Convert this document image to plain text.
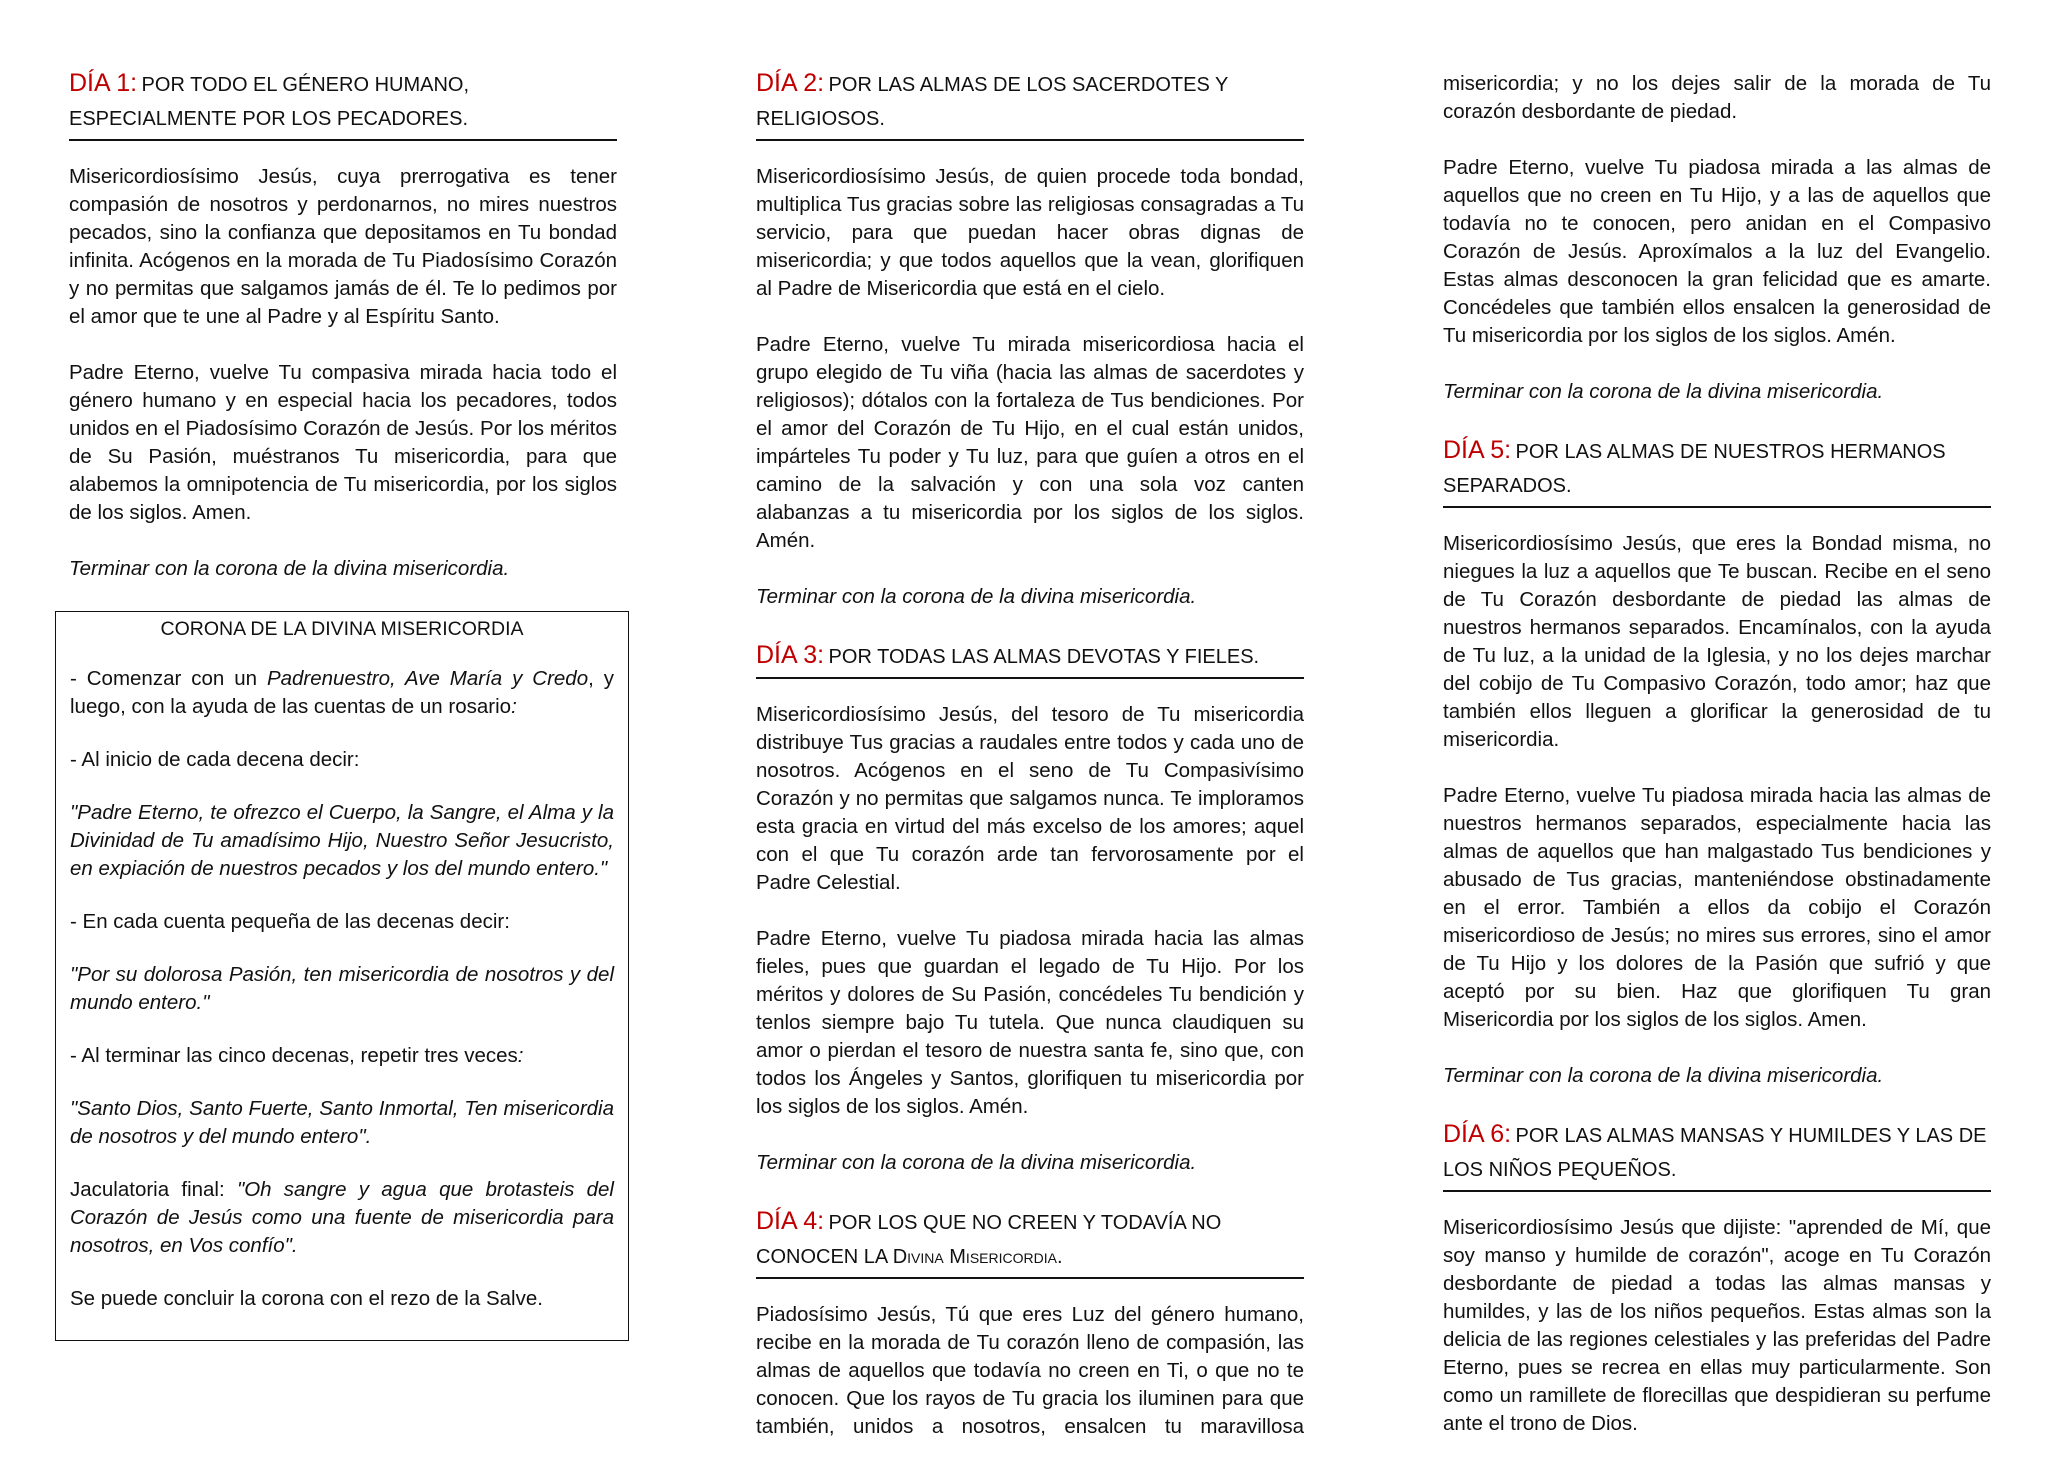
DÍA 1: POR TODO EL GÉNERO HUMANO, ESPECIALMENTE POR LOS PECADORES.

Misericordiosísimo Jesús, cuya prerrogativa es tener compasión de nosotros y perdonarnos, no mires nuestros pecados, sino la confianza que depositamos en Tu bondad infinita. Acógenos en la morada de Tu Piadosísimo Corazón y no permitas que salgamos jamás de él. Te lo pedimos por el amor que te une al Padre y al Espíritu Santo.

Padre Eterno, vuelve Tu compasiva mirada hacia todo el género humano y en especial hacia los pecadores, todos unidos en el Piadosísimo Corazón de Jesús. Por los méritos de Su Pasión, muéstranos Tu misericordia, para que alabemos la omnipotencia de Tu misericordia, por los siglos de los siglos. Amen.

Terminar con la corona de la divina misericordia.

CORONA DE LA DIVINA MISERICORDIA

- Comenzar con un Padrenuestro, Ave María y Credo, y luego, con la ayuda de las cuentas de un rosario:

- Al inicio de cada decena decir:

"Padre Eterno, te ofrezco el Cuerpo, la Sangre, el Alma y la Divinidad de Tu amadísimo Hijo, Nuestro Señor Jesucristo, en expiación de nuestros pecados y los del mundo entero."

- En cada cuenta pequeña de las decenas decir:

"Por su dolorosa Pasión, ten misericordia de nosotros y del mundo entero."

- Al terminar las cinco decenas, repetir tres veces:

"Santo Dios, Santo Fuerte, Santo Inmortal, Ten misericordia de nosotros y del mundo entero".

Jaculatoria final: "Oh sangre y agua que brotasteis del Corazón de Jesús como una fuente de misericordia para nosotros, en Vos confío".

Se puede concluir la corona con el rezo de la Salve.

DÍA 2: POR LAS ALMAS DE LOS SACERDOTES Y RELIGIOSOS.

Misericordiosísimo Jesús, de quien procede toda bondad, multiplica Tus gracias sobre las religiosas consagradas a Tu servicio, para que puedan hacer obras dignas de misericordia; y que todos aquellos que la vean, glorifiquen al Padre de Misericordia que está en el cielo.

Padre Eterno, vuelve Tu mirada misericordiosa hacia el grupo elegido de Tu viña (hacia las almas de sacerdotes y religiosos); dótalos con la fortaleza de Tus bendiciones. Por el amor del Corazón de Tu Hijo, en el cual están unidos, impárteles Tu poder y Tu luz, para que guíen a otros en el camino de la salvación y con una sola voz canten alabanzas a tu misericordia por los siglos de los siglos. Amén.

Terminar con la corona de la divina misericordia.

DÍA 3: POR TODAS LAS ALMAS DEVOTAS Y FIELES.

Misericordiosísimo Jesús, del tesoro de Tu misericordia distribuye Tus gracias a raudales entre todos y cada uno de nosotros. Acógenos en el seno de Tu Compasivísimo Corazón y no permitas que salgamos nunca. Te imploramos esta gracia en virtud del más excelso de los amores; aquel con el que Tu corazón arde tan fervorosamente por el Padre Celestial.

Padre Eterno, vuelve Tu piadosa mirada hacia las almas fieles, pues que guardan el legado de Tu Hijo. Por los méritos y dolores de Su Pasión, concédeles Tu bendición y tenlos siempre bajo Tu tutela. Que nunca claudiquen su amor o pierdan el tesoro de nuestra santa fe, sino que, con todos los Ángeles y Santos, glorifiquen tu misericordia por los siglos de los siglos. Amén.

Terminar con la corona de la divina misericordia.

DÍA 4: POR LOS QUE NO CREEN Y TODAVÍA NO CONOCEN LA Divina Misericordia.

Piadosísimo Jesús, Tú que eres Luz del género humano, recibe en la morada de Tu corazón lleno de compasión, las almas de aquellos que todavía no creen en Ti, o que no te conocen. Que los rayos de Tu gracia los iluminen para que también, unidos a nosotros, ensalcen tu maravillosa

misericordia; y no los dejes salir de la morada de Tu corazón desbordante de piedad.

Padre Eterno, vuelve Tu piadosa mirada a las almas de aquellos que no creen en Tu Hijo, y a las de aquellos que todavía no te conocen, pero anidan en el Compasivo Corazón de Jesús. Aproxímalos a la luz del Evangelio. Estas almas desconocen la gran felicidad que es amarte. Concédeles que también ellos ensalcen la generosidad de Tu misericordia por los siglos de los siglos. Amén.

Terminar con la corona de la divina misericordia.

DÍA 5: POR LAS ALMAS DE NUESTROS HERMANOS SEPARADOS.

Misericordiosísimo Jesús, que eres la Bondad misma, no niegues la luz a aquellos que Te buscan. Recibe en el seno de Tu Corazón desbordante de piedad las almas de nuestros hermanos separados. Encamínalos, con la ayuda de Tu luz, a la unidad de la Iglesia, y no los dejes marchar del cobijo de Tu Compasivo Corazón, todo amor; haz que también ellos lleguen a glorificar la generosidad de tu misericordia.

Padre Eterno, vuelve Tu piadosa mirada hacia las almas de nuestros hermanos separados, especialmente hacia las almas de aquellos que han malgastado Tus bendiciones y abusado de Tus gracias, manteniéndose obstinadamente en el error. También a ellos da cobijo el Corazón misericordioso de Jesús; no mires sus errores, sino el amor de Tu Hijo y los dolores de la Pasión que sufrió y que aceptó por su bien. Haz que glorifiquen Tu gran Misericordia por los siglos de los siglos. Amen.

Terminar con la corona de la divina misericordia.

DÍA 6: POR LAS ALMAS MANSAS Y HUMILDES Y LAS DE LOS NIÑOS PEQUEÑOS.

Misericordiosísimo Jesús que dijiste: "aprended de Mí, que soy manso y humilde de corazón", acoge en Tu Corazón desbordante de piedad a todas las almas mansas y humildes, y las de los niños pequeños. Estas almas son la delicia de las regiones celestiales y las preferidas del Padre Eterno, pues se recrea en ellas muy particularmente. Son como un ramillete de florecillas que despidieran su perfume ante el trono de Dios.
